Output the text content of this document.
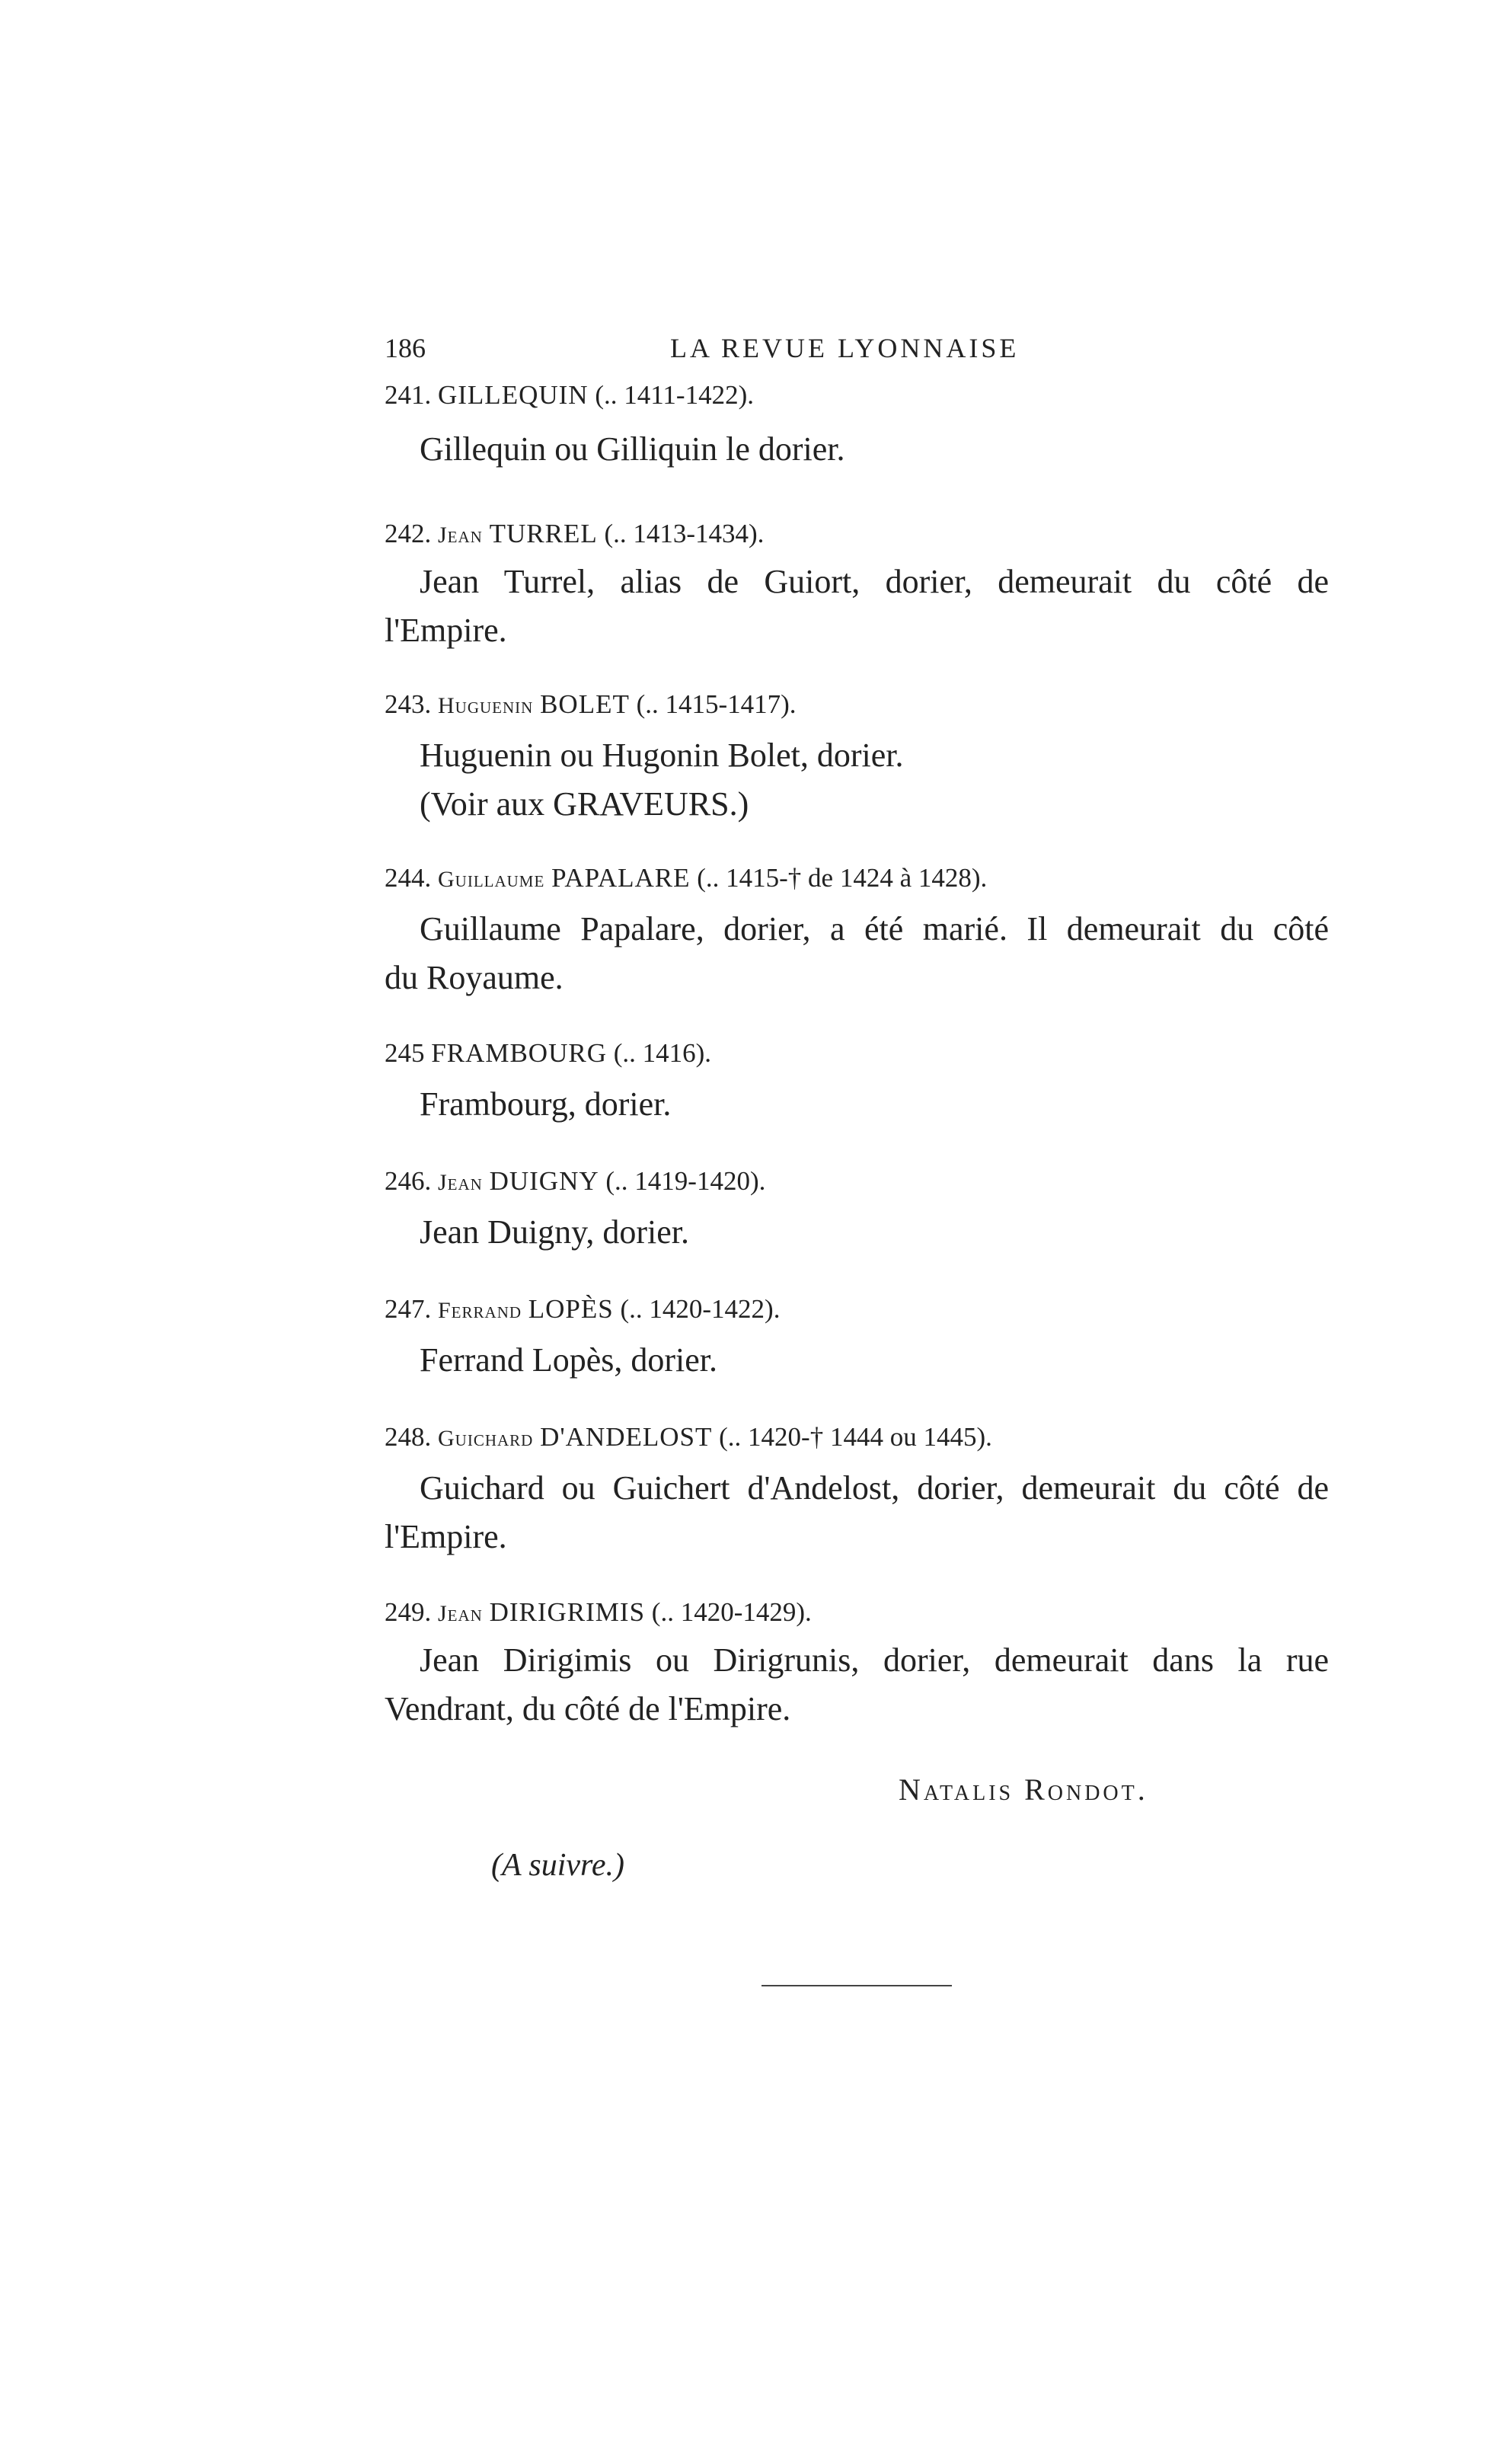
186	LA REVUE LYONNAISE
241. GILLEQUIN (.. 1411-1422).

Gillequin ou Gilliquin le dorier.

242. Jean TURREL (.. 1413-1434).

Jean Turrel, alias de Guiort, dorier, demeurait du côté de

l'Empire.

243. Huguenin BOLET (.. 1415-1417).

Huguenin ou Hugonin Bolet, dorier.

(Voir aux GRAVEURS.)

244. Guillaume PAPALARE (.. 1415-† de 1424 à 1428).

Guillaume Papalare, dorier, a été marié. Il demeurait du côté

du Royaume.

245 FRAMBOURG (.. 1416).

Frambourg, dorier.

246. Jean DUIGNY (.. 1419-1420).

Jean Duigny, dorier.

247. Ferrand LOPÈS (.. 1420-1422).

Ferrand Lopès, dorier.

248. Guichard D'ANDELOST (.. 1420-† 1444 ou 1445).

Guichard ou Guichert d'Andelost, dorier, demeurait du côté de

l'Empire.

249. Jean DIRIGRIMIS (.. 1420-1429).

Jean Dirigimis ou Dirigrunis, dorier, demeurait dans la rue

Vendrant, du côté de l'Empire.

Natalis Rondot.
(A suivre.)
